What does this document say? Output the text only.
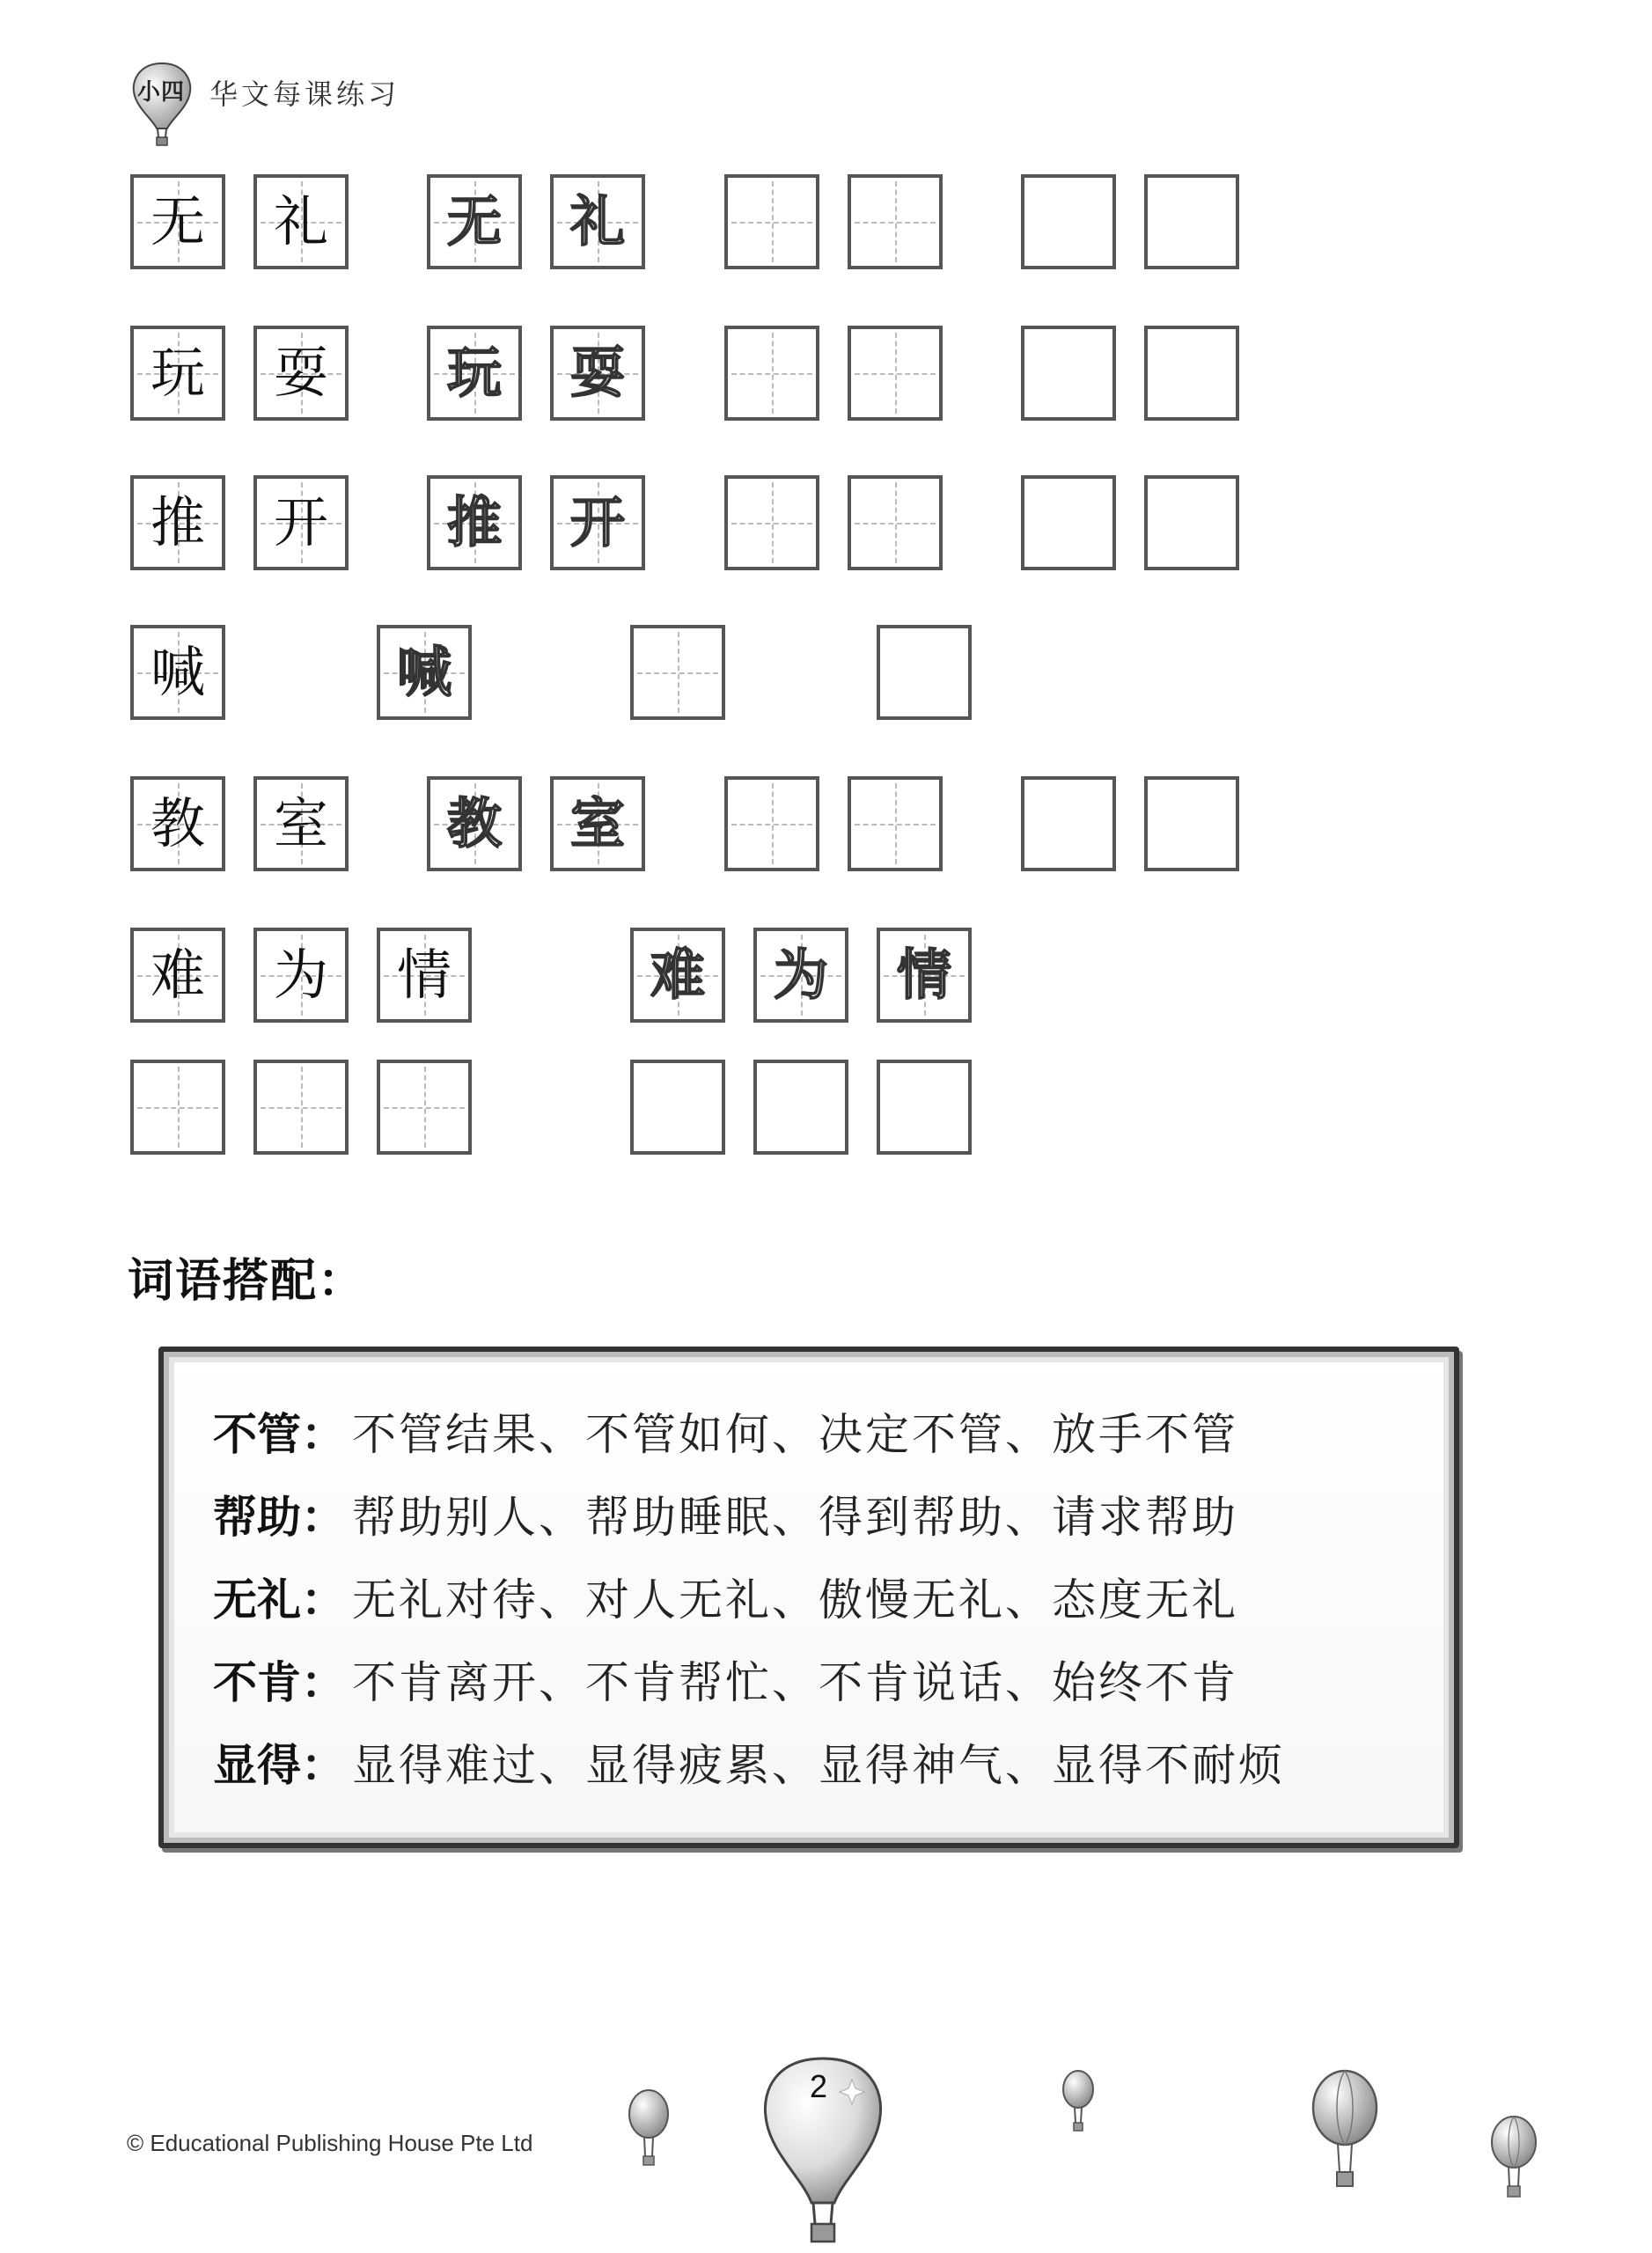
小四 华文每课练习
无 礼 无 礼
玩 耍 玩 耍
推 开 推 开
喊	喊
教 室 教 室
难 为 情	难 为 情
词语搭配：
不管： 不管结果、不管如何、决定不管、放手不管
帮助： 帮助别人、帮助睡眠、得到帮助、请求帮助
无礼： 无礼对待、对人无礼、傲慢无礼、态度无礼
不肯： 不肯离开、不肯帮忙、不肯说话、始终不肯
显得： 显得难过、显得疲累、显得神气、显得不耐烦
© Educational Publishing House Pte Ltd
2
